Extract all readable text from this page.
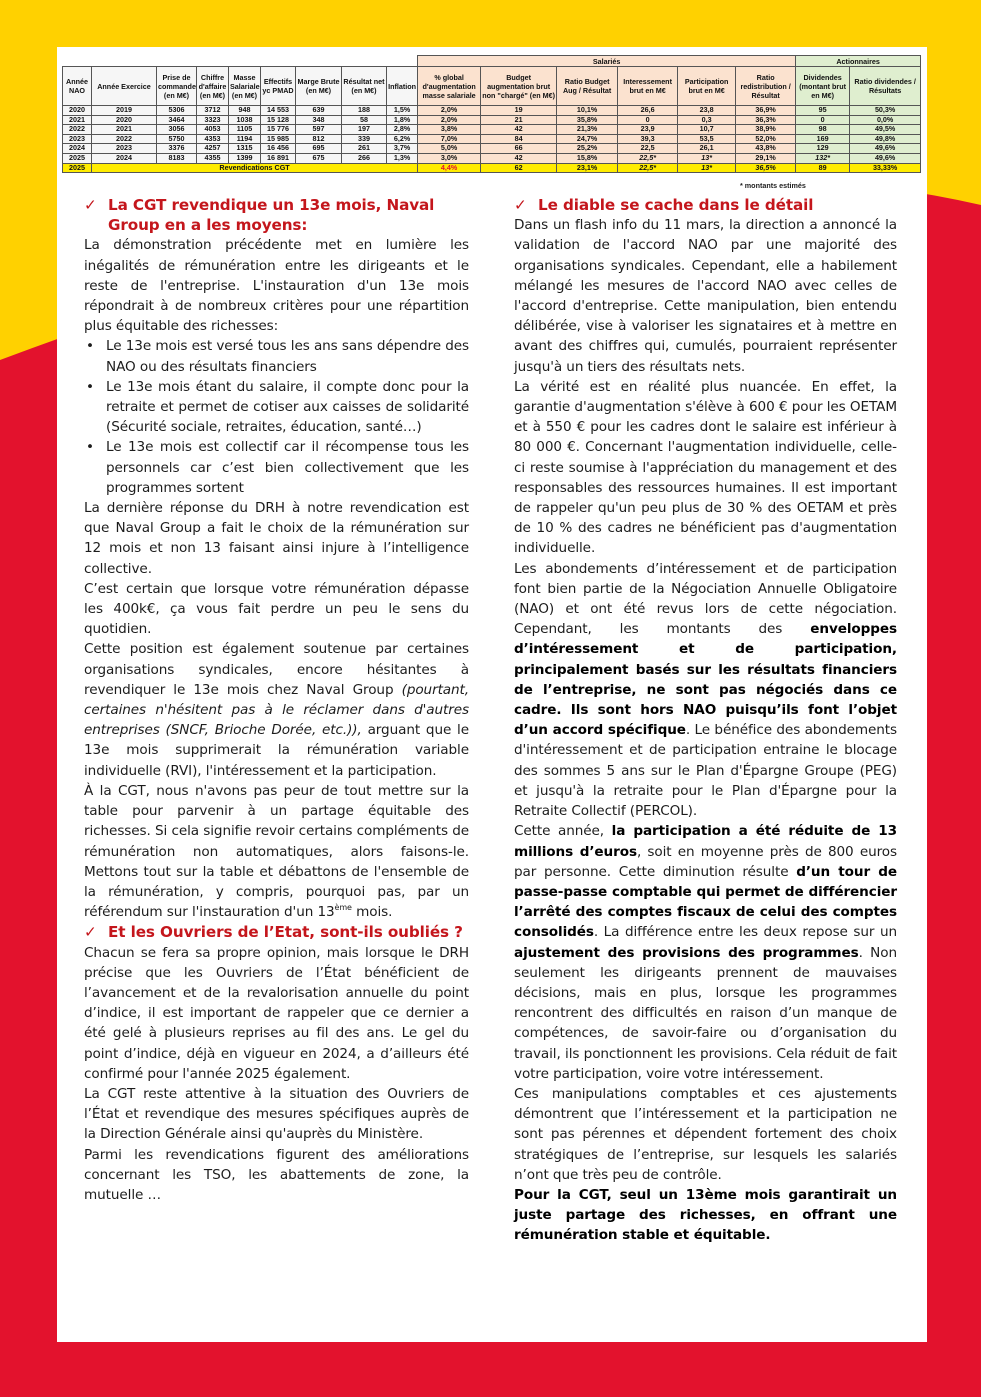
									Salariés						Actionnaires	
Année NAO	Année Exercice	Prise de commande (en M€)	Chiffre d'affaire (en M€)	Masse Salariale (en M€)	Effectifs yc PMAD	Marge Brute (en M€)	Résultat net (en M€)	Inflation	% global d'augmentation masse salariale	Budget augmentation brut non "chargé" (en M€)	Ratio Budget Aug / Résultat	Interessement brut en M€	Participation brut en M€	Ratio redistribution / Résultat	Dividendes (montant brut en M€)	Ratio dividendes / Résultats
2020	2019	5306	3712	948	14 553	639	188	1,5%	2,0%	19	10,1%	26,6	23,8	36,9%	95	50,3%
2021	2020	3464	3323	1038	15 128	348	58	1,8%	2,0%	21	35,8%	0	0,3	36,3%	0	0,0%
2022	2021	3056	4053	1105	15 776	597	197	2,8%	3,8%	42	21,3%	23,9	10,7	38,9%	98	49,5%
2023	2022	5750	4353	1194	15 985	812	339	6,2%	7,0%	84	24,7%	39,3	53,5	52,0%	169	49,8%
2024	2023	3376	4257	1315	16 456	695	261	3,7%	5,0%	66	25,2%	22,5	26,1	43,8%	129	49,6%
2025	2024	8183	4355	1399	16 891	675	266	1,3%	3,0%	42	15,8%	22,5*	13*	29,1%	132*	49,6%
2025	Revendications CGT								4,4%	62	23,1%	22,5*	13*	36,5%	89	33,33%
* montants estimés
✓ La CGT revendique un 13e mois, Naval Group en a les moyens:

La démonstration précédente met en lumière les inégalités de rémunération entre les dirigeants et le reste de l'entreprise. L'instauration d'un 13e mois répondrait à de nombreux critères pour une répartition plus équitable des richesses:

• Le 13e mois est versé tous les ans sans dépendre des NAO ou des résultats financiers
• Le 13e mois étant du salaire, il compte donc pour la retraite et permet de cotiser aux caisses de solidarité (Sécurité sociale, retraites, éducation, santé…)
• Le 13e mois est collectif car il récompense tous les personnels car c’est bien collectivement que les programmes sortent

La dernière réponse du DRH à notre revendication est que Naval Group a fait le choix de la rémunération sur 12 mois et non 13 faisant ainsi injure à l’intelligence collective.

C’est certain que lorsque votre rémunération dépasse les 400k€, ça vous fait perdre un peu le sens du quotidien.

Cette position est également soutenue par certaines organisations syndicales, encore hésitantes à revendiquer le 13e mois chez Naval Group (pourtant, certaines n'hésitent pas à le réclamer dans d'autres entreprises (SNCF, Brioche Dorée, etc.)), arguant que le 13e mois supprimerait la rémunération variable individuelle (RVI), l'intéressement et la participation.

À la CGT, nous n'avons pas peur de tout mettre sur la table pour parvenir à un partage équitable des richesses. Si cela signifie revoir certains compléments de rémunération non automatiques, alors faisons-le. Mettons tout sur la table et débattons de l'ensemble de la rémunération, y compris, pourquoi pas, par un référendum sur l'instauration d'un 13ème mois.

✓ Et les Ouvriers de l’Etat, sont-ils oubliés ?

Chacun se fera sa propre opinion, mais lorsque le DRH précise que les Ouvriers de l’État bénéficient de l’avancement et de la revalorisation annuelle du point d’indice, il est important de rappeler que ce dernier a été gelé à plusieurs reprises au fil des ans. Le gel du point d’indice, déjà en vigueur en 2024, a d’ailleurs été confirmé pour l'année 2025 également.

La CGT reste attentive à la situation des Ouvriers de l’État et revendique des mesures spécifiques auprès de la Direction Générale ainsi qu'auprès du Ministère.

Parmi les revendications figurent des améliorations concernant les TSO, les abattements de zone, la mutuelle …

✓ Le diable se cache dans le détail

Dans un flash info du 11 mars, la direction a annoncé la validation de l'accord NAO par une majorité des organisations syndicales. Cependant, elle a habilement mélangé les mesures de l'accord NAO avec celles de l'accord d'entreprise. Cette manipulation, bien entendu délibérée, vise à valoriser les signataires et à mettre en avant des chiffres qui, cumulés, pourraient représenter jusqu'à un tiers des résultats nets.

La vérité est en réalité plus nuancée. En effet, la garantie d'augmentation s'élève à 600 € pour les OETAM et à 550 € pour les cadres dont le salaire est inférieur à 80 000 €. Concernant l'augmentation individuelle, celle-ci reste soumise à l'appréciation du management et des responsables des ressources humaines. Il est important de rappeler qu'un peu plus de 30 % des OETAM et près de 10 % des cadres ne bénéficient pas d'augmentation individuelle.

Les abondements d’intéressement et de participation font bien partie de la Négociation Annuelle Obligatoire (NAO) et ont été revus lors de cette négociation. Cependant, les montants des enveloppes d’intéressement et de participation, principalement basés sur les résultats financiers de l’entreprise, ne sont pas négociés dans ce cadre. Ils sont hors NAO puisqu’ils font l’objet d’un accord spécifique. Le bénéfice des abondements d'intéressement et de participation entraine le blocage des sommes 5 ans sur le Plan d'Épargne Groupe (PEG) et jusqu'à la retraite pour le Plan d'Épargne pour la Retraite Collectif (PERCOL).

Cette année, la participation a été réduite de 13 millions d’euros, soit en moyenne près de 800 euros par personne. Cette diminution résulte d’un tour de passe-passe comptable qui permet de différencier l’arrêté des comptes fiscaux de celui des comptes consolidés. La différence entre les deux repose sur un ajustement des provisions des programmes. Non seulement les dirigeants prennent de mauvaises décisions, mais en plus, lorsque les programmes rencontrent des difficultés en raison d’un manque de compétences, de savoir-faire ou d’organisation du travail, ils ponctionnent les provisions. Cela réduit de fait votre participation, voire votre intéressement.

Ces manipulations comptables et ces ajustements démontrent que l’intéressement et la participation ne sont pas pérennes et dépendent fortement des choix stratégiques de l’entreprise, sur lesquels les salariés n’ont que très peu de contrôle.

Pour la CGT, seul un 13ème mois garantirait un juste partage des richesses, en offrant une rémunération stable et équitable.
